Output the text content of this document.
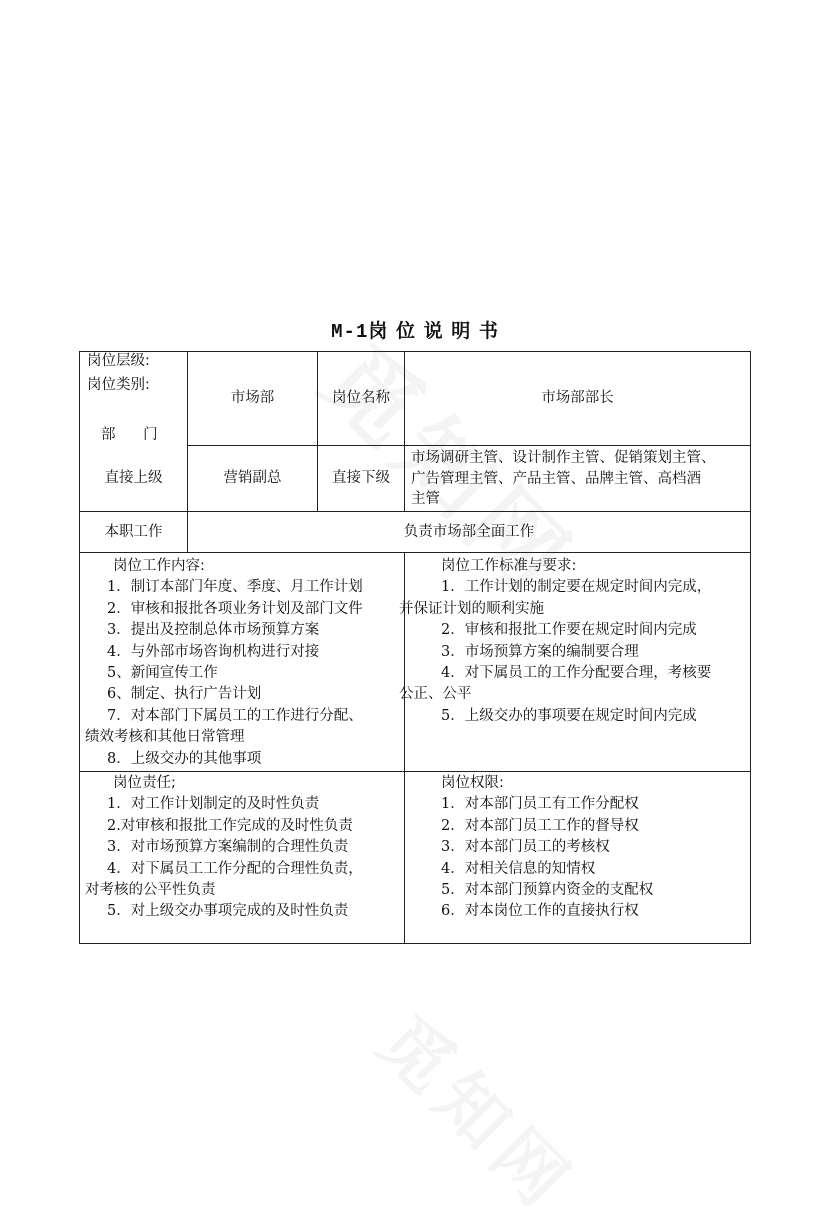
M-1岗 位 说 明 书
岗位层级:
岗位类别:
部      门
市场部	岗位名称	市场部部长
直接上级	营销副总	直接下级
市场调研主管、设计制作主管、促销策划主管、
广告管理主管、产品主管、品牌主管、高档酒
主管
本职工作	负责市场部全面工作
岗位工作内容:
1．制订本部门年度、季度、月工作计划
2．审核和报批各项业务计划及部门文件
3．提出及控制总体市场预算方案
4．与外部市场咨询机构进行对接
5、新闻宣传工作
6、制定、执行广告计划
7．对本部门下属员工的工作进行分配、
绩效考核和其他日常管理
8．上级交办的其他事项
岗位工作标准与要求:
1．工作计划的制定要在规定时间内完成，
并保证计划的顺利实施
2．审核和报批工作要在规定时间内完成
3．市场预算方案的编制要合理
4．对下属员工的工作分配要合理，考核要
公正、公平
5．上级交办的事项要在规定时间内完成
岗位责任;
1．对工作计划制定的及时性负责
2.对审核和报批工作完成的及时性负责
3．对市场预算方案编制的合理性负责
4．对下属员工工作分配的合理性负责，
对考核的公平性负责
5．对上级交办事项完成的及时性负责
岗位权限:
1．对本部门员工有工作分配权
2．对本部门员工工作的督导权
3．对本部门员工的考核权
4．对相关信息的知情权
5．对本部门预算内资金的支配权
6．对本岗位工作的直接执行权
